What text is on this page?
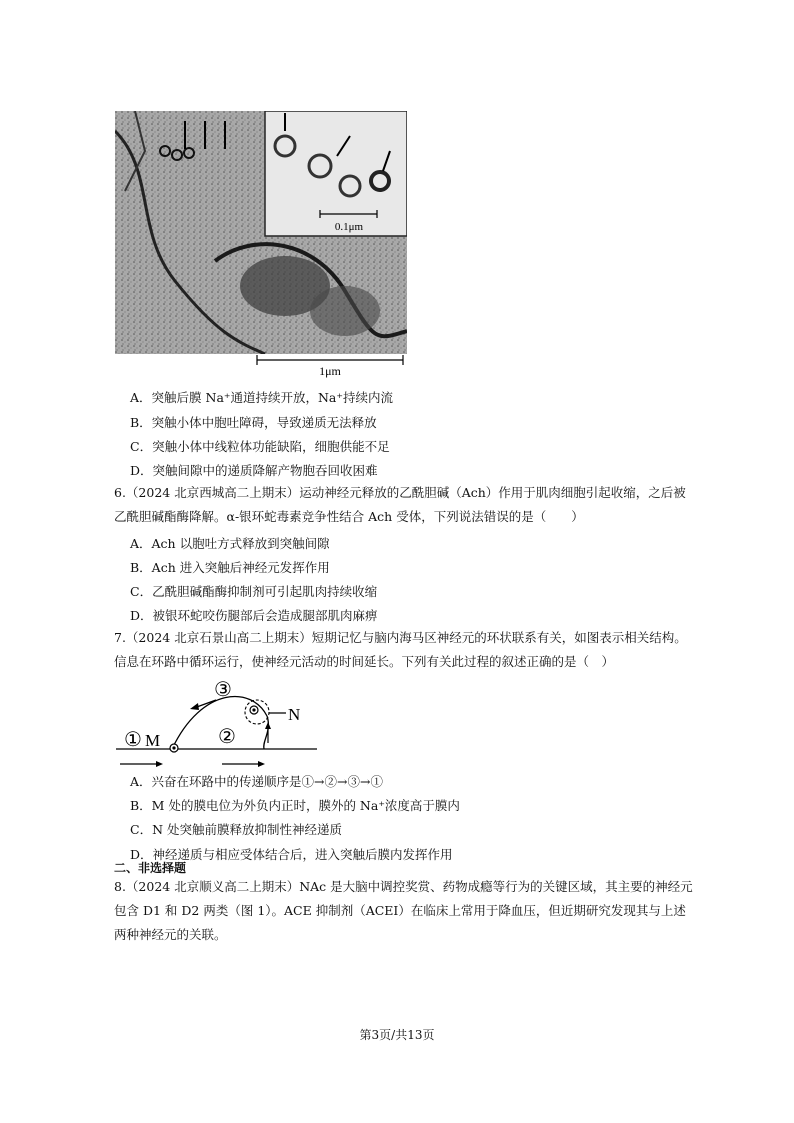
0.1μm
1μm
A．突触后膜 Na⁺通道持续开放，Na⁺持续内流
B．突触小体中胞吐障碍，导致递质无法释放
C．突触小体中线粒体功能缺陷，细胞供能不足
D．突触间隙中的递质降解产物胞吞回收困难
6.（2024 北京西城高二上期末）运动神经元释放的乙酰胆碱（Ach）作用于肌肉细胞引起收缩，之后被乙酰胆碱酯酶降解。α-银环蛇毒素竞争性结合 Ach 受体，下列说法错误的是（　　）
A．Ach 以胞吐方式释放到突触间隙
B．Ach 进入突触后神经元发挥作用
C．乙酰胆碱酯酶抑制剂可引起肌肉持续收缩
D．被银环蛇咬伤腿部后会造成腿部肌肉麻痹
7.（2024 北京石景山高二上期末）短期记忆与脑内海马区神经元的环状联系有关，如图表示相关结构。信息在环路中循环运行，使神经元活动的时间延长。下列有关此过程的叙述正确的是（　）
① M	②
③
N
A．兴奋在环路中的传递顺序是①→②→③→①
B．M 处的膜电位为外负内正时，膜外的 Na⁺浓度高于膜内
C．N 处突触前膜释放抑制性神经递质
D．神经递质与相应受体结合后，进入突触后膜内发挥作用
二、非选择题
8.（2024 北京顺义高二上期末）NAc 是大脑中调控奖赏、药物成瘾等行为的关键区域，其主要的神经元包含 D1 和 D2 两类（图 1）。ACE 抑制剂（ACEI）在临床上常用于降血压，但近期研究发现其与上述两种神经元的关联。
第3页/共13页
